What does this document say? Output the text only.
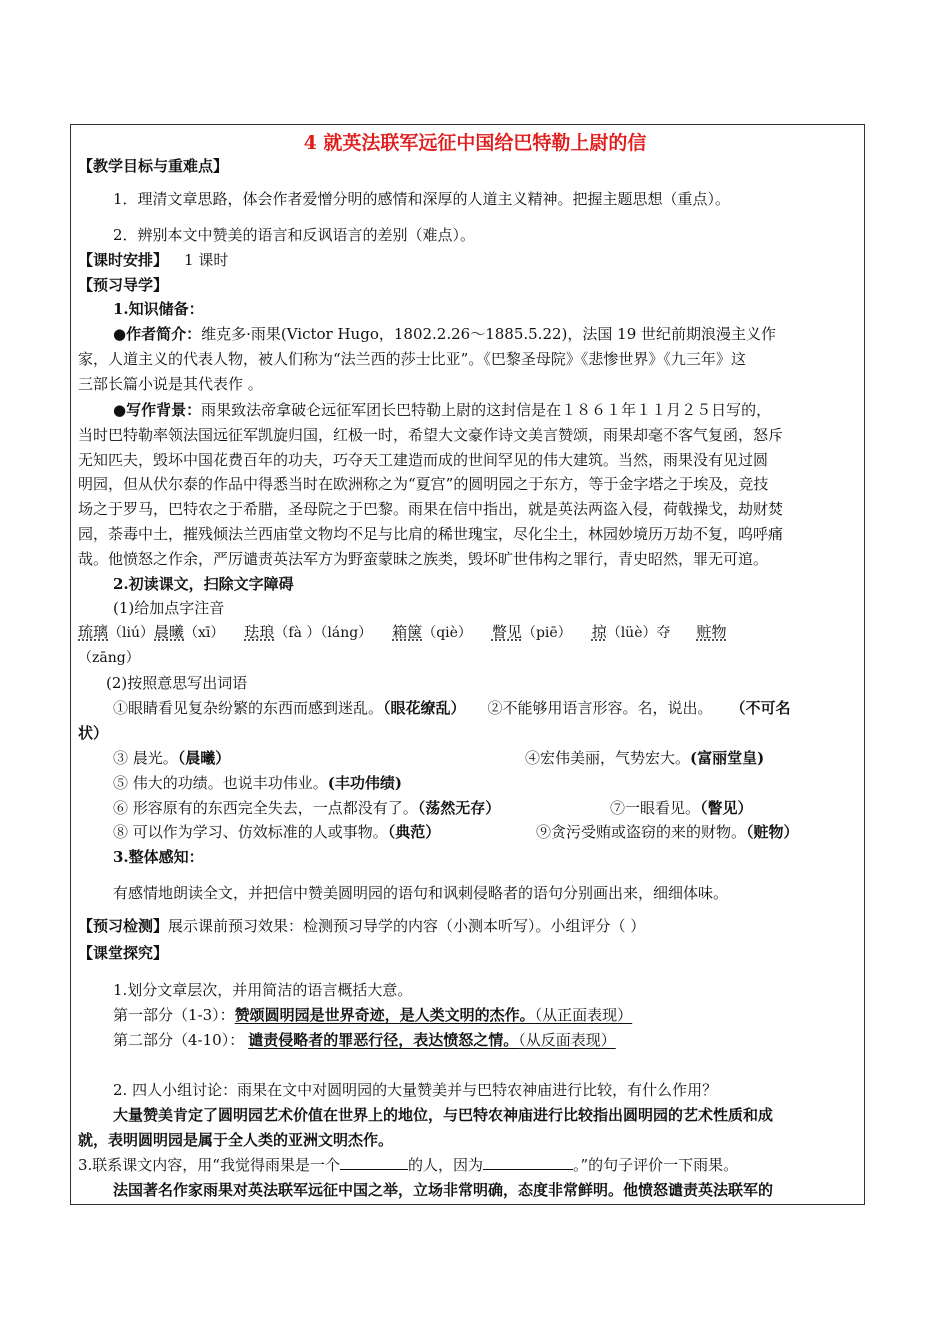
4 就英法联军远征中国给巴特勒上尉的信
【教学目标与重难点】
1．理清文章思路，体会作者爱憎分明的感情和深厚的人道主义精神。把握主题思想（重点）。
2．辨别本文中赞美的语言和反讽语言的差别（难点）。
【课时安排】 1 课时
【预习导学】
1.知识储备：
●作者简介：维克多·雨果(Victor Hugo，1802.2.26～1885.5.22)，法国 19 世纪前期浪漫主义作
家，人道主义的代表人物，被人们称为“法兰西的莎士比亚”。《巴黎圣母院》《悲惨世界》《九三年》这
三部长篇小说是其代表作 。
●写作背景：雨果致法帝拿破仑远征军团长巴特勒上尉的这封信是在１８６１年１１月２５日写的，
当时巴特勒率领法国远征军凯旋归国，红极一时，希望大文豪作诗文美言赞颂，雨果却毫不客气复函，怒斥
无知匹夫，毁坏中国花费百年的功夫，巧夺天工建造而成的世间罕见的伟大建筑。当然，雨果没有见过圆
明园，但从伏尔泰的作品中得悉当时在欧洲称之为“夏宫”的圆明园之于东方，等于金字塔之于埃及，竞技
场之于罗马，巴特农之于希腊，圣母院之于巴黎。雨果在信中指出，就是英法两盗入侵，荷戟操戈，劫财焚
园，荼毒中土，摧残倾法兰西庙堂文物均不足与比肩的稀世瑰宝，尽化尘土，林园妙境历万劫不复，呜呼痛
哉。他愤怒之作余，严厉谴责英法军方为野蛮蒙昧之族类，毁坏旷世伟构之罪行，青史昭然，罪无可逭。
2.初读课文，扫除文字障碍
(1)给加点字注音
琉璃（liú）晨曦（xī） 珐琅（fà ）（láng） 箱箧（qiè） 瞥见（piē） 掠（lüè）夺 赃物
（zāng）
(2)按照意思写出词语
①眼睛看见复杂纷繁的东西而感到迷乱。（眼花缭乱） ②不能够用语言形容。名，说出。 （不可名
状）
③ 晨光。（晨曦）	④宏伟美丽，气势宏大。(富丽堂皇)
⑤ 伟大的功绩。也说丰功伟业。(丰功伟绩)
⑥ 形容原有的东西完全失去，一点都没有了。（荡然无存）	⑦一眼看见。（瞥见）
⑧ 可以作为学习、仿效标准的人或事物。（典范）	⑨贪污受贿或盗窃的来的财物。（赃物）
3.整体感知：
有感情地朗读全文，并把信中赞美圆明园的语句和讽刺侵略者的语句分别画出来，细细体味。
【预习检测】展示课前预习效果：检测预习导学的内容（小测本听写）。小组评分（ ）
【课堂探究】
1.划分文章层次，并用简洁的语言概括大意。
第一部分（1-3）：赞颂圆明园是世界奇迹，是人类文明的杰作。（从正面表现）
第二部分（4-10）： 谴责侵略者的罪恶行径，表达愤怒之情。（从反面表现）
2. 四人小组讨论：雨果在文中对圆明园的大量赞美并与巴特农神庙进行比较，有什么作用？
大量赞美肯定了圆明园艺术价值在世界上的地位，与巴特农神庙进行比较指出圆明园的艺术性质和成
就，表明圆明园是属于全人类的亚洲文明杰作。
3.联系课文内容，用“我觉得雨果是一个	的人，因为	。”的句子评价一下雨果。
法国著名作家雨果对英法联军远征中国之举，立场非常明确，态度非常鲜明。他愤怒谴责英法联军的
